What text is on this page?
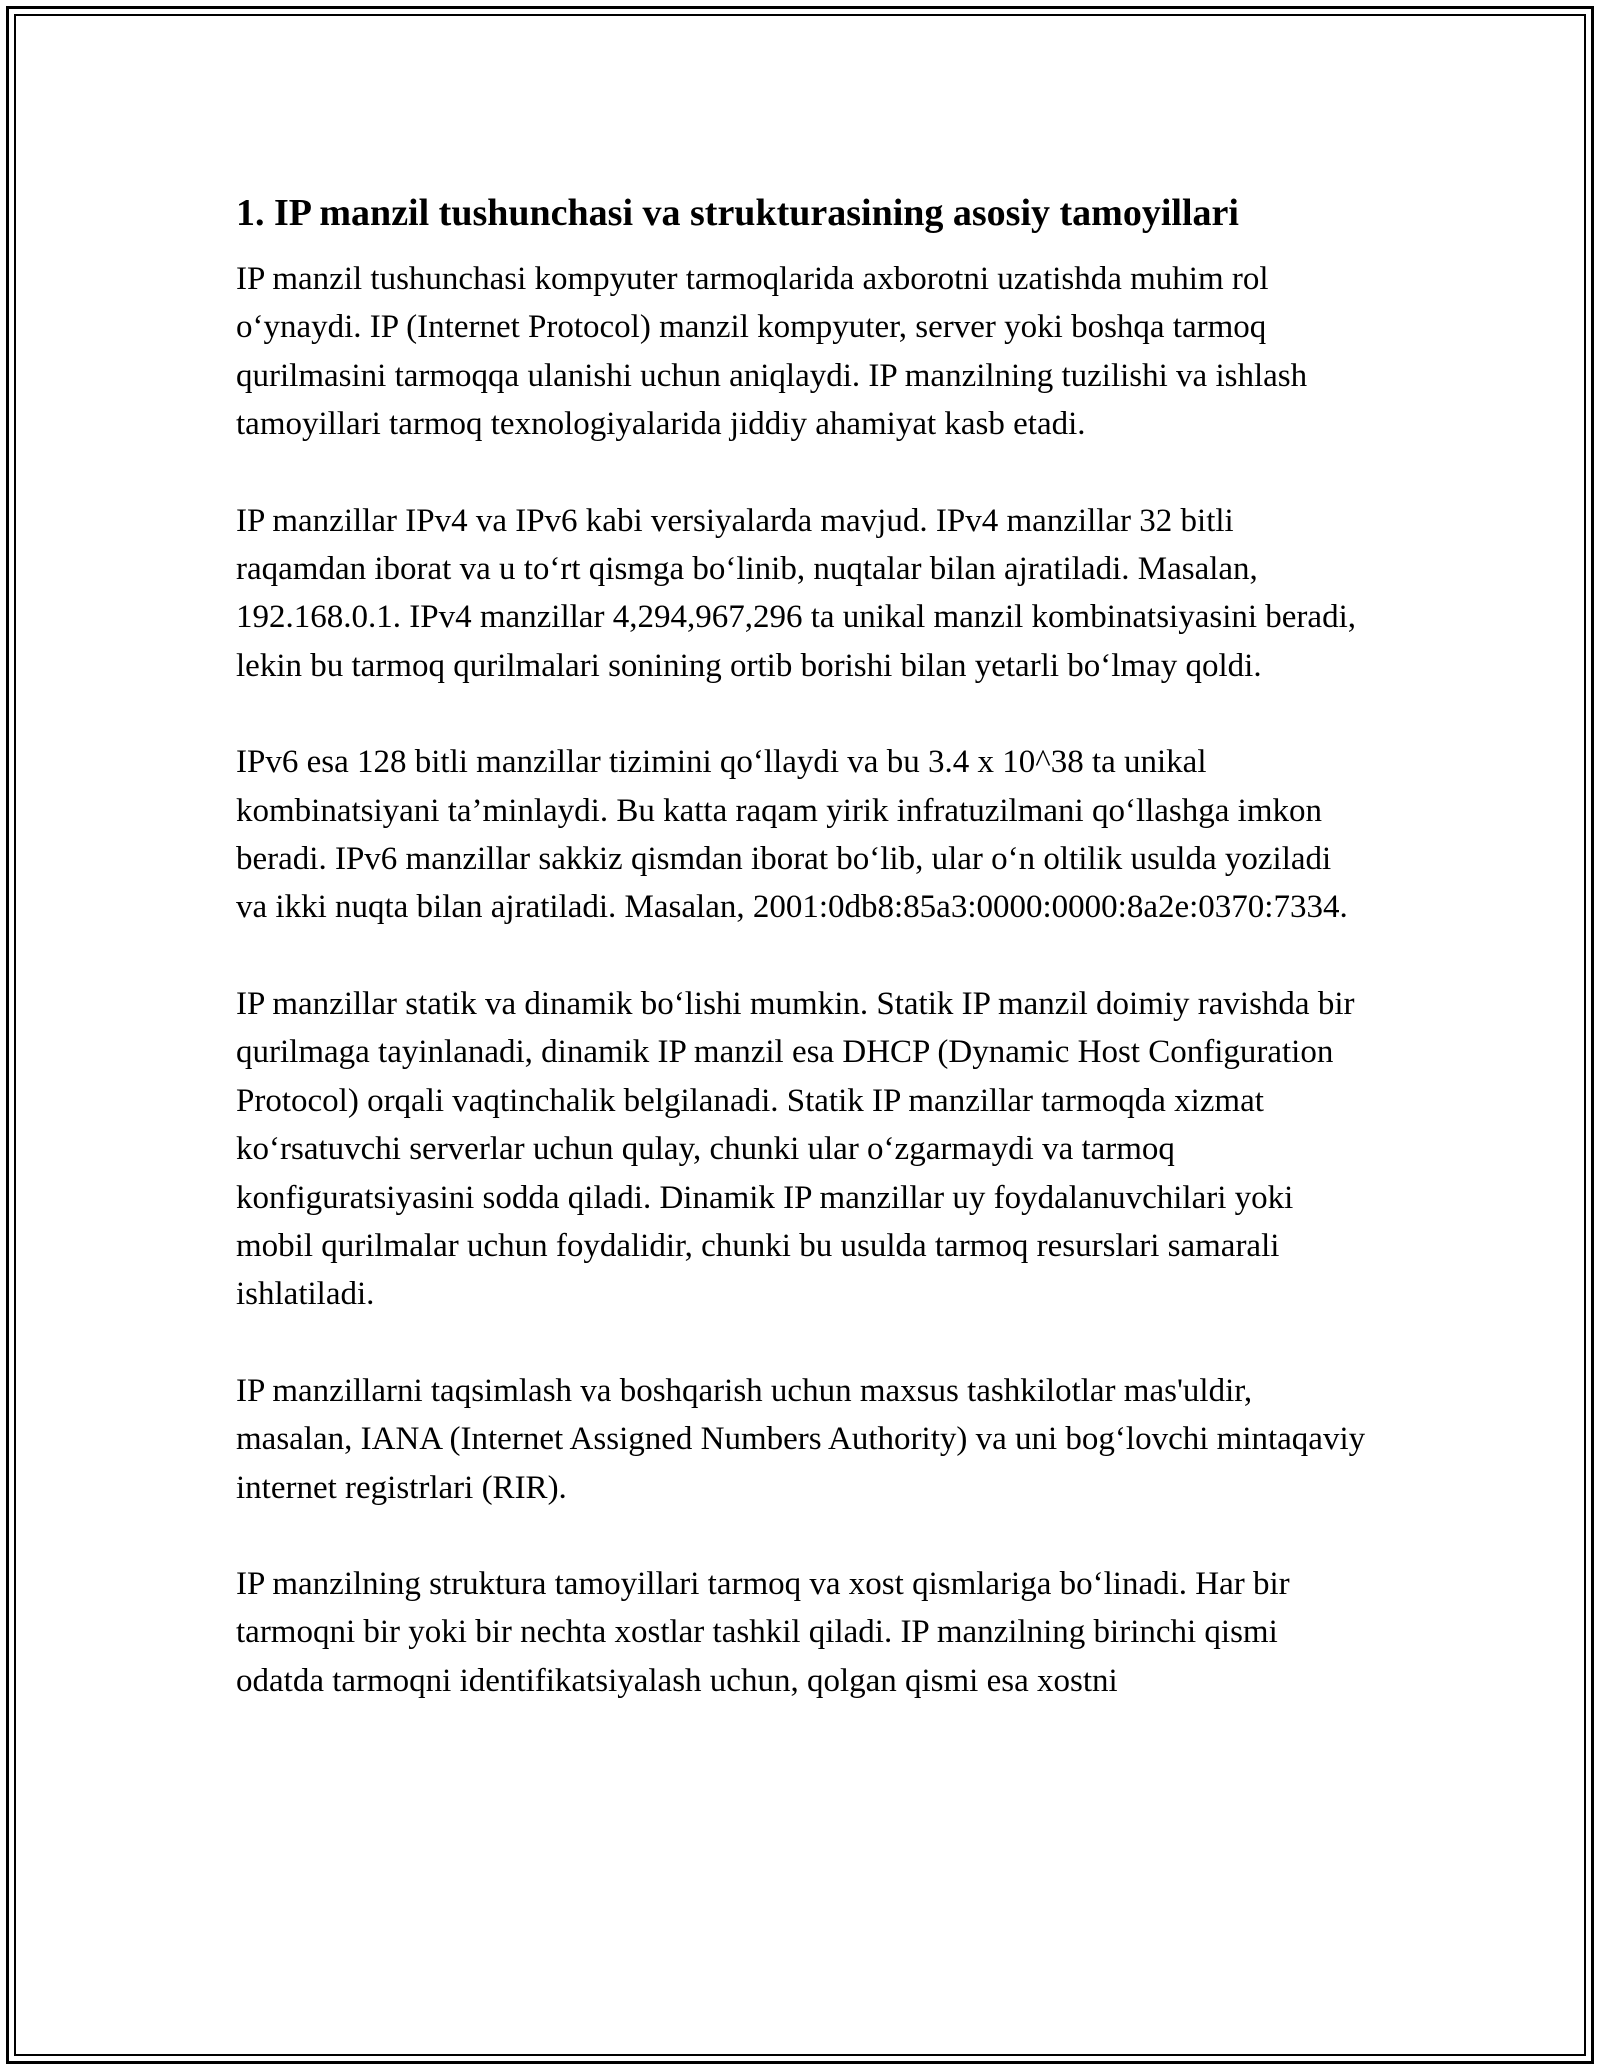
1. IP manzil tushunchasi va strukturasining asosiy tamoyillari

IP manzil tushunchasi kompyuter tarmoqlarida axborotni uzatishda muhim rol o‘ynaydi. IP (Internet Protocol) manzil kompyuter, server yoki boshqa tarmoq qurilmasini tarmoqqa ulanishi uchun aniqlaydi. IP manzilning tuzilishi va ishlash tamoyillari tarmoq texnologiyalarida jiddiy ahamiyat kasb etadi.

IP manzillar IPv4 va IPv6 kabi versiyalarda mavjud. IPv4 manzillar 32 bitli raqamdan iborat va u to‘rt qismga bo‘linib, nuqtalar bilan ajratiladi. Masalan, 192.168.0.1. IPv4 manzillar 4,294,967,296 ta unikal manzil kombinatsiyasini beradi, lekin bu tarmoq qurilmalari sonining ortib borishi bilan yetarli bo‘lmay qoldi.

IPv6 esa 128 bitli manzillar tizimini qo‘llaydi va bu 3.4 x 10^38 ta unikal kombinatsiyani ta’minlaydi. Bu katta raqam yirik infratuzilmani qo‘llashga imkon beradi. IPv6 manzillar sakkiz qismdan iborat bo‘lib, ular o‘n oltilik usulda yoziladi va ikki nuqta bilan ajratiladi. Masalan, 2001:0db8:85a3:0000:0000:8a2e:0370:7334.

IP manzillar statik va dinamik bo‘lishi mumkin. Statik IP manzil doimiy ravishda bir qurilmaga tayinlanadi, dinamik IP manzil esa DHCP (Dynamic Host Configuration Protocol) orqali vaqtinchalik belgilanadi. Statik IP manzillar tarmoqda xizmat ko‘rsatuvchi serverlar uchun qulay, chunki ular o‘zgarmaydi va tarmoq konfiguratsiyasini sodda qiladi. Dinamik IP manzillar uy foydalanuvchilari yoki mobil qurilmalar uchun foydalidir, chunki bu usulda tarmoq resurslari samarali ishlatiladi.

IP manzillarni taqsimlash va boshqarish uchun maxsus tashkilotlar mas'uldir, masalan, IANA (Internet Assigned Numbers Authority) va uni bog‘lovchi mintaqaviy internet registrlari (RIR).

IP manzilning struktura tamoyillari tarmoq va xost qismlariga bo‘linadi. Har bir tarmoqni bir yoki bir nechta xostlar tashkil qiladi. IP manzilning birinchi qismi odatda tarmoqni identifikatsiyalash uchun, qolgan qismi esa xostni
